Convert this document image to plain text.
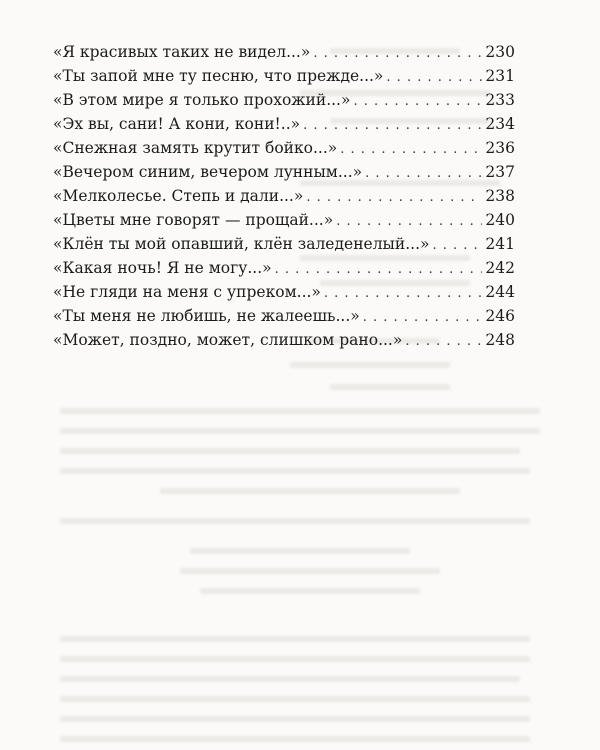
«Я красивых таких не видел...» . . .	230
«Ты запой мне ту песню, что прежде...» . . .	231
«В этом мире я только прохожий...» . . .	233
«Эх вы, сани! А кони, кони!..» . . .	234
«Снежная замять крутит бойко...» . . .	236
«Вечером синим, вечером лунным...» . . .	237
«Мелколесье. Степь и дали...» . . .	238
«Цветы мне говорят — прощай...» . . .	240
«Клён ты мой опавший, клён заледенелый...» . . .	241
«Какая ночь! Я не могу...» . . .	242
«Не гляди на меня с упреком...» . . .	244
«Ты меня не любишь, не жалеешь...» . . .	246
«Может, поздно, может, слишком рано...» . . .	248
